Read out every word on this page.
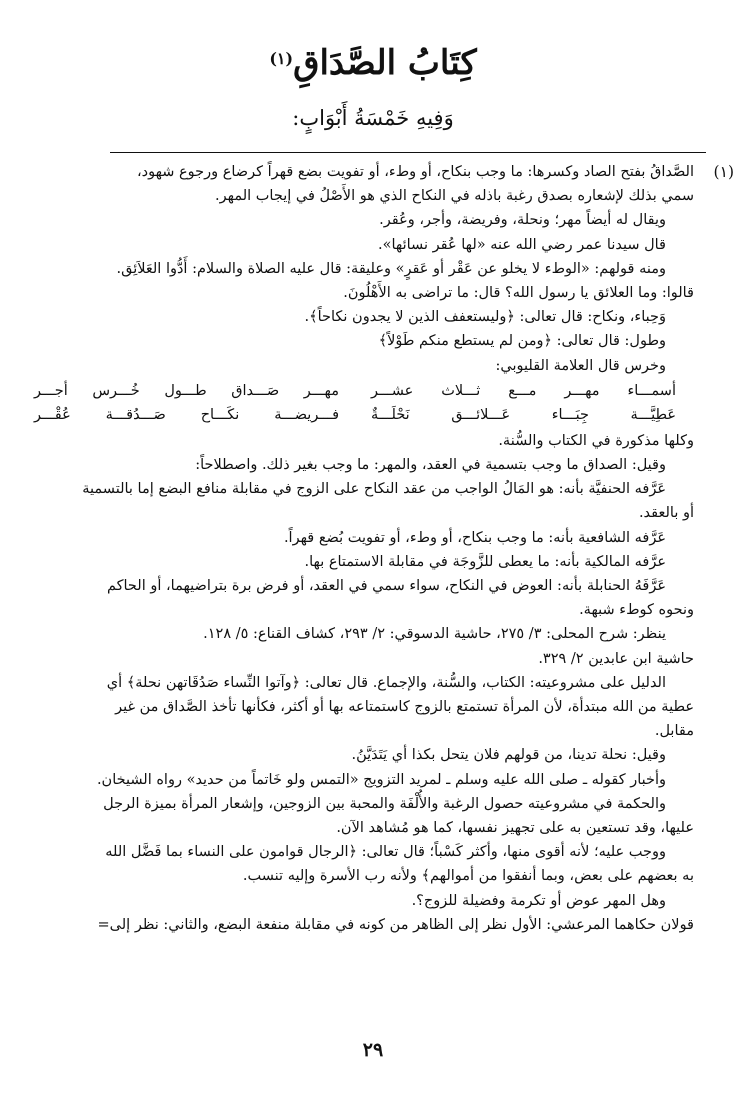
كِتَابُ الصَّدَاقِ$^{(١)}$
وَفِيهِ خَمْسَةُ أَبْوَابٍ:
(١)
الصَّداقُ بفتح الصاد وكسرها: ما وجب بنكاح، أو وطء، أو تفويت بضع قهراً كرضاع ورجوع شهود،
سمي بذلك لإشعاره بصدق رغبة باذله في النكاح الذي هو الأَصْلُ في إيجاب المهر.
ويقال له أيضاً مهر؛ ونحلة، وفريضة، وأجر، وعُقر.
قال سيدنا عمر رضي الله عنه «لها عُقر نسائها».
ومنه قولهم: «الوطء لا يخلو عن عَقْر أو عَقرٍ» وعليقة: قال عليه الصلاة والسلام: أَدُّوا العَلاَئِق.
قالوا: وما العلائق يا رسول الله؟ قال: ما تراضى به الأَهْلُونَ.
وَحِباء، ونكاح: قال تعالى: ﴿وليستعفف الذين لا يجدون نكاحاً﴾.
وطول: قال تعالى: ﴿ومن لم يستطع منكم طَوْلاً﴾
وخرس قال العلامة القليوبي:
أسمـــاء مهـــر مـــع ثـــلاث عشـــر
مهـــر صَـــداق طـــول خُـــرس أجـــر
عَطِيَّـــة جِبَـــاء عَـــلائـــق نَحْلَـــةٌ
فـــريضـــة نكَـــاح صَـــدُقـــة عُقْـــر
وكلها مذكورة في الكتاب والسُّنة.
وقيل: الصداق ما وجب بتسمية في العقد، والمهر: ما وجب بغير ذلك. واصطلاحاً:
عَرَّفه الحنفيَّة بأنه: هو المَالُ الواجب من عقد النكاح على الزوج في مقابلة منافع البضع إما بالتسمية
أو بالعقد.
عَرَّفه الشافعية بأنه: ما وجب بنكاح، أو وطء، أو تفويت بُضع قهراً.
عرَّفه المالكية بأنه: ما يعطى للزَّوجَة في مقابلة الاستمتاع بها.
عَرَّفَهُ الحنابلة بأنه: العوض في النكاح، سواء سمي في العقد، أو فرض برة بتراضيهما، أو الحاكم
ونحوه كوطء شبهة.
ينظر: شرح المحلى: ٣/ ٢٧٥، حاشية الدسوقي: ٢/ ٢٩٣، كشاف القناع: ٥/ ١٢٨.
حاشية ابن عابدين ٢/ ٣٢٩.
الدليل على مشروعيته: الكتاب، والسُّنة، والإجماع. قال تعالى: ﴿وآتوا النِّساء صَدُقَاتهن نحلة﴾ أي
عطية من الله مبتدأة، لأن المرأة تستمتع بالزوج كاستمتاعه بها أو أكثر، فكأنها تأخذ الصَّداق من غير
مقابل.
وقيل: نحلة تدينا، من قولهم فلان يتحل بكذا أي يَتَدَيَّنُ.
وأخبار كقوله ـ صلى الله عليه وسلم ـ لمريد التزويج «التمس ولو خَاتماً من حديد» رواه الشيخان.
والحكمة في مشروعيته حصول الرغبة والأُلْفَة والمحبة بين الزوجين، وإشعار المرأة بميزة الرجل
عليها، وقد تستعين به على تجهيز نفسها، كما هو مُشاهد الآن.
ووجب عليه؛ لأنه أقوى منها، وأكثر كَسْباً؛ قال تعالى: ﴿الرجال قوامون على النساء بما فَضَّل الله
به بعضهم على بعض، وبما أنفقوا من أموالهم﴾ ولأنه رب الأسرة وإليه تنسب.
وهل المهر عوض أو تكرمة وفضيلة للزوج؟.
قولان حكاهما المرعشي: الأول نظر إلى الظاهر من كونه في مقابلة منفعة البضع، والثاني: نظر إلى=
٢٩
